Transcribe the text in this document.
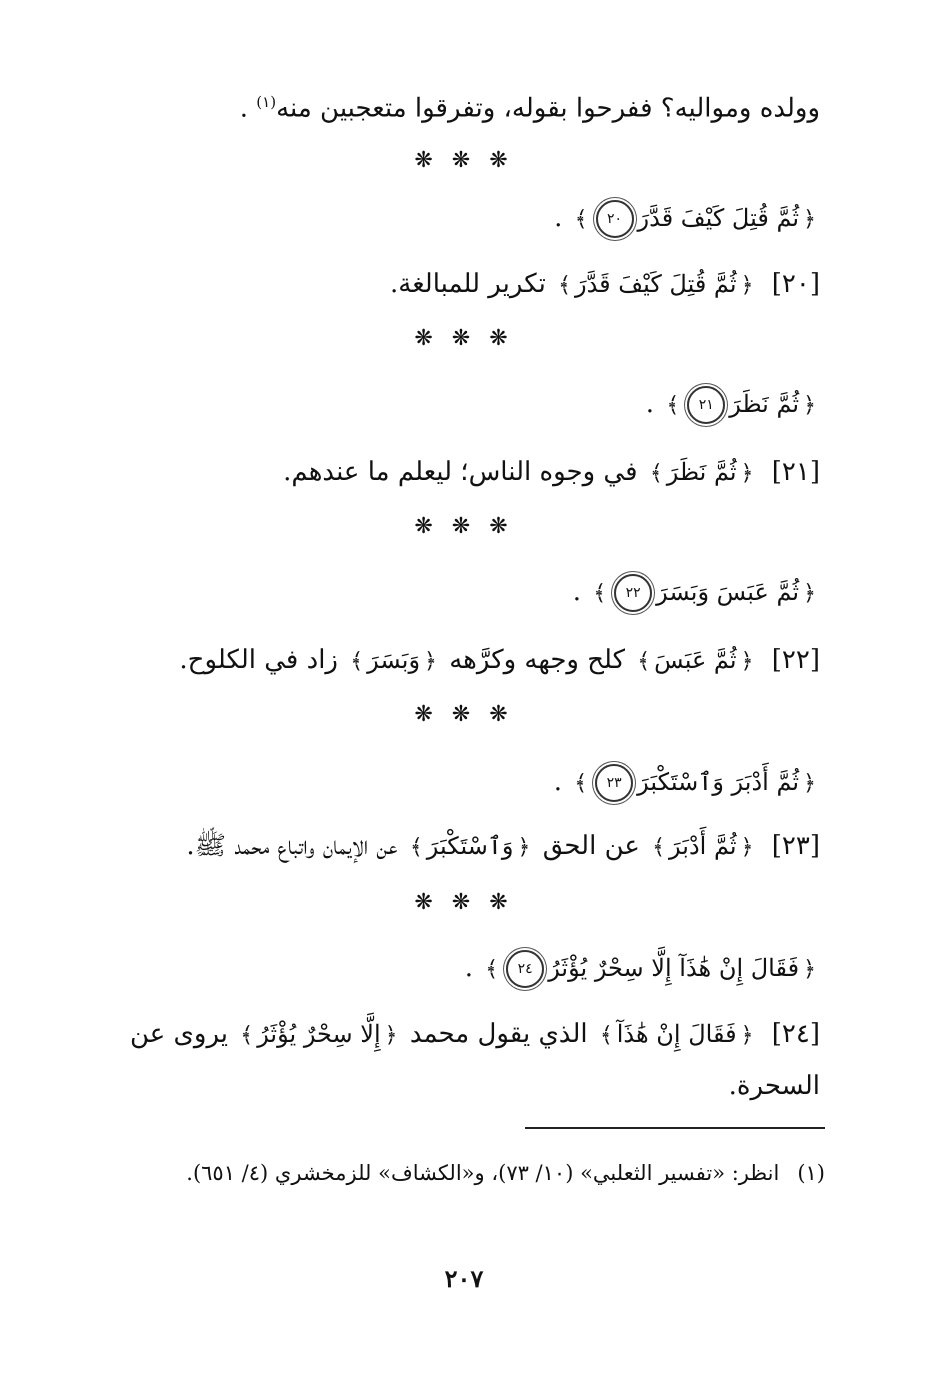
وولده ومواليه؟ ففرحوا بقوله، وتفرقوا متعجبين منه$^{(١)}$ .
❋ ❋ ❋
﴿ثُمَّ قُتِلَ كَيْفَ قَدَّرَ٢٠﴾ .
[٢٠] ﴿ثُمَّ قُتِلَ كَيْفَ قَدَّرَ﴾ تكرير للمبالغة.
❋ ❋ ❋
﴿ثُمَّ نَظَرَ٢١﴾ .
[٢١] ﴿ثُمَّ نَظَرَ﴾ في وجوه الناس؛ ليعلم ما عندهم.
❋ ❋ ❋
﴿ثُمَّ عَبَسَ وَبَسَرَ٢٢﴾ .
[٢٢] ﴿ثُمَّ عَبَسَ﴾ كلح وجهه وكرَّهه ﴿وَبَسَرَ﴾ زاد في الكلوح.
❋ ❋ ❋
﴿ثُمَّ أَدْبَرَ وَٱسْتَكْبَرَ٢٣﴾ .
[٢٣] ﴿ثُمَّ أَدْبَرَ﴾ عن الحق ﴿وَٱسْتَكْبَرَ﴾ عن الإيمان واتباع محمد ﷺ.
❋ ❋ ❋
﴿فَقَالَ إِنْ هَٰذَآ إِلَّا سِحْرٌ يُؤْثَرُ٢٤﴾ .
[٢٤] ﴿فَقَالَ إِنْ هَٰذَآ﴾ الذي يقول محمد ﴿إِلَّا سِحْرٌ يُؤْثَرُ﴾ يروى عن
السحرة.
(١)انظر: «تفسير الثعلبي» (١٠/ ٧٣)، و«الكشاف» للزمخشري (٤/ ٦٥١).
٢٠٧
